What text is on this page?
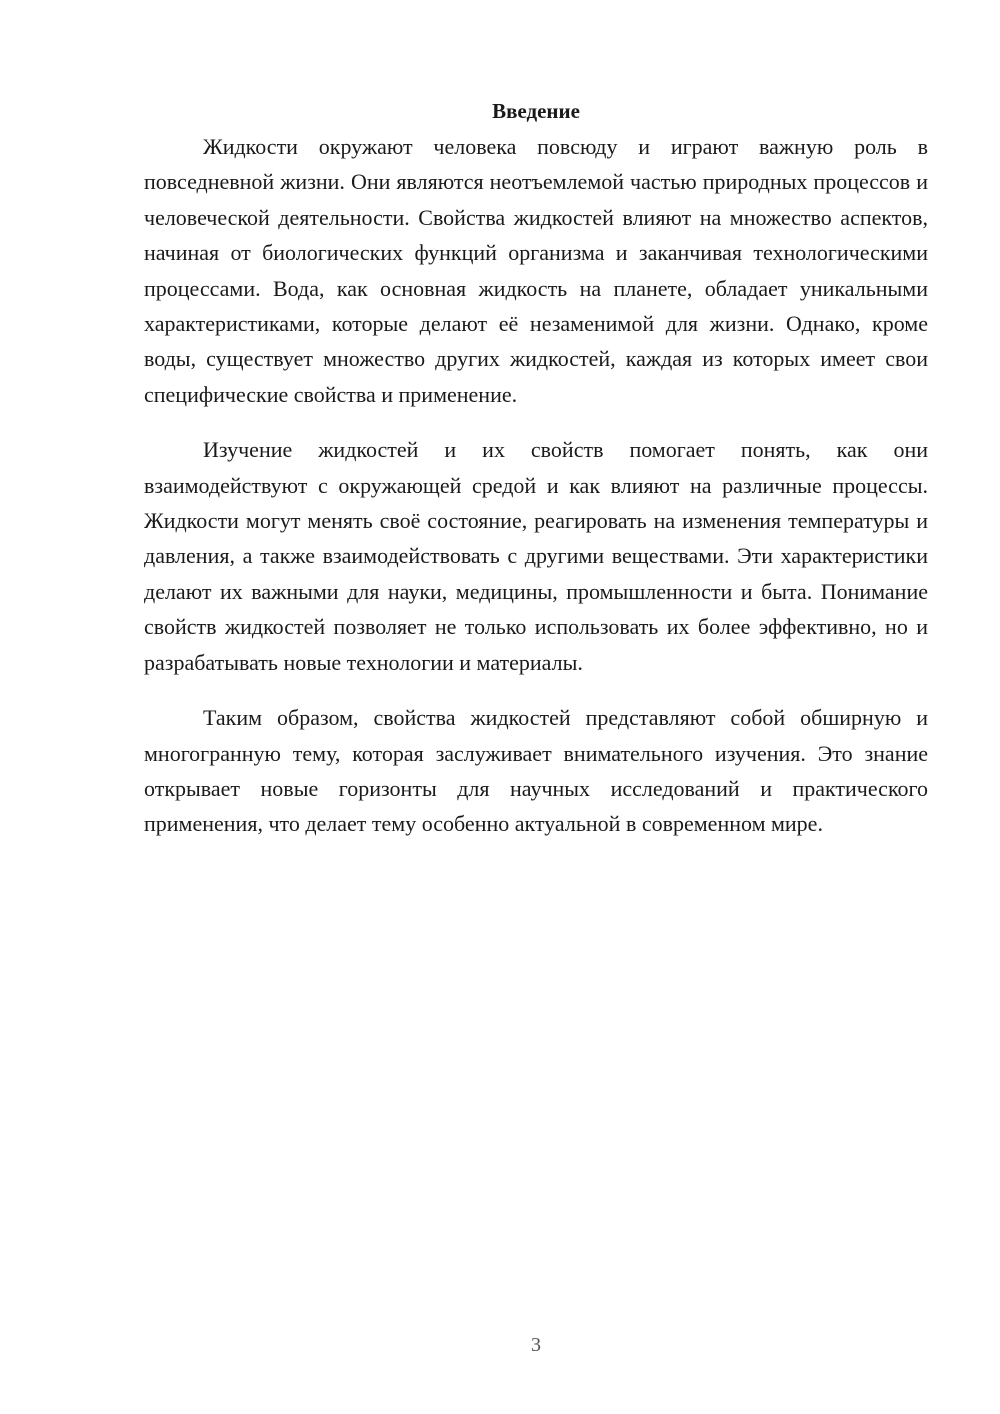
Введение

Жидкости окружают человека повсюду и играют важную роль в повседневной жизни. Они являются неотъемлемой частью природных процессов и человеческой деятельности. Свойства жидкостей влияют на множество аспектов, начиная от биологических функций организма и заканчивая технологическими процессами. Вода, как основная жидкость на планете, обладает уникальными характеристиками, которые делают её незаменимой для жизни. Однако, кроме воды, существует множество других жидкостей, каждая из которых имеет свои специфические свойства и применение.

Изучение жидкостей и их свойств помогает понять, как они взаимодействуют с окружающей средой и как влияют на различные процессы. Жидкости могут менять своё состояние, реагировать на изменения температуры и давления, а также взаимодействовать с другими веществами. Эти характеристики делают их важными для науки, медицины, промышленности и быта. Понимание свойств жидкостей позволяет не только использовать их более эффективно, но и разрабатывать новые технологии и материалы.

Таким образом, свойства жидкостей представляют собой обширную и многогранную тему, которая заслуживает внимательного изучения. Это знание открывает новые горизонты для научных исследований и практического применения, что делает тему особенно актуальной в современном мире.

3
